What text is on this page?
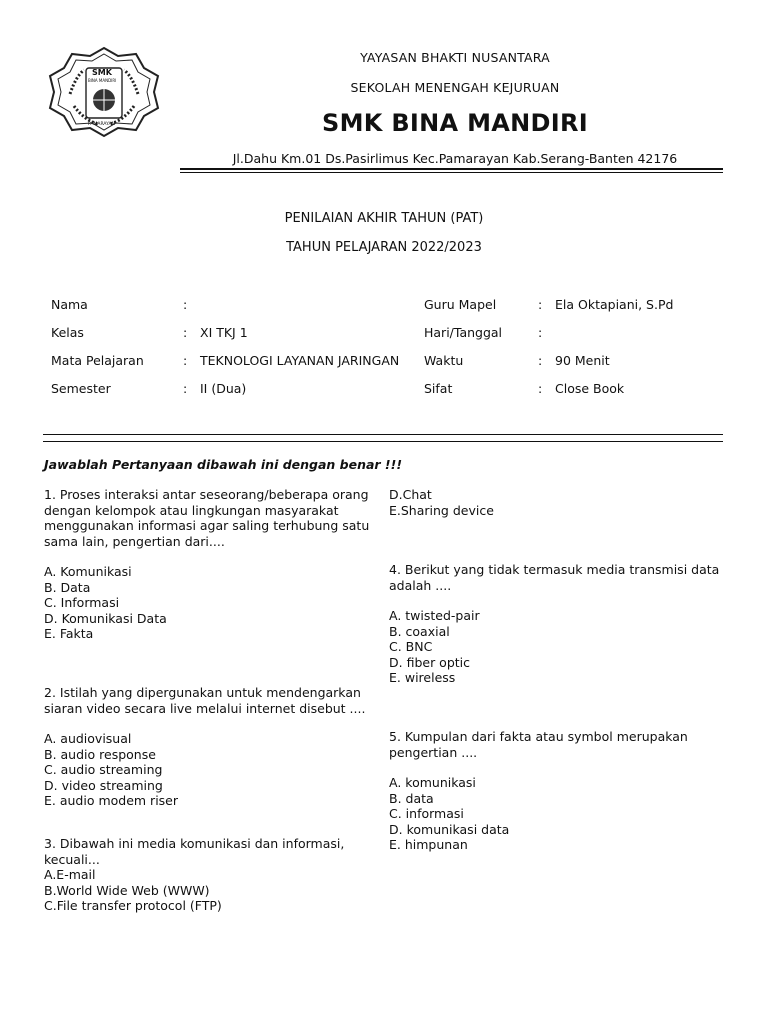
SMK
BINA MANDIRI
PAMARAYAN
YAYASAN BHAKTI NUSANTARA
SEKOLAH MENENGAH KEJURUAN
SMK BINA MANDIRI
Jl.Dahu Km.01 Ds.Pasirlimus Kec.Pamarayan Kab.Serang-Banten 42176
PENILAIAN AKHIR TAHUN (PAT)
TAHUN PELAJARAN 2022/2023
Nama	:
Kelas	: XI TKJ 1
Mata Pelajaran	: TEKNOLOGI LAYANAN JARINGAN
Semester	: II (Dua)
Guru Mapel	: Ela Oktapiani, S.Pd
Hari/Tanggal	:
Waktu	: 90 Menit
Sifat	: Close Book
Jawablah Pertanyaan dibawah ini dengan benar !!!
1. Proses interaksi antar seseorang/beberapa orang
dengan kelompok atau lingkungan masyarakat
menggunakan informasi agar saling terhubung satu
sama lain, pengertian dari....
A. Komunikasi
B. Data
C. Informasi
D. Komunikasi Data
E. Fakta
2. Istilah yang dipergunakan untuk mendengarkan
siaran video secara live melalui internet disebut ....
A. audiovisual
B. audio response
C. audio streaming
D. video streaming
E. audio modem riser
3. Dibawah ini media komunikasi dan informasi,
kecuali...
A.E-mail
B.World Wide Web (WWW)
C.File transfer protocol (FTP)
D.Chat
E.Sharing device
4. Berikut yang tidak termasuk media transmisi data
adalah ....
A. twisted-pair
B. coaxial
C. BNC
D. fiber optic
E. wireless
5. Kumpulan dari fakta atau symbol merupakan
pengertian ....
A. komunikasi
B. data
C. informasi
D. komunikasi data
E. himpunan
